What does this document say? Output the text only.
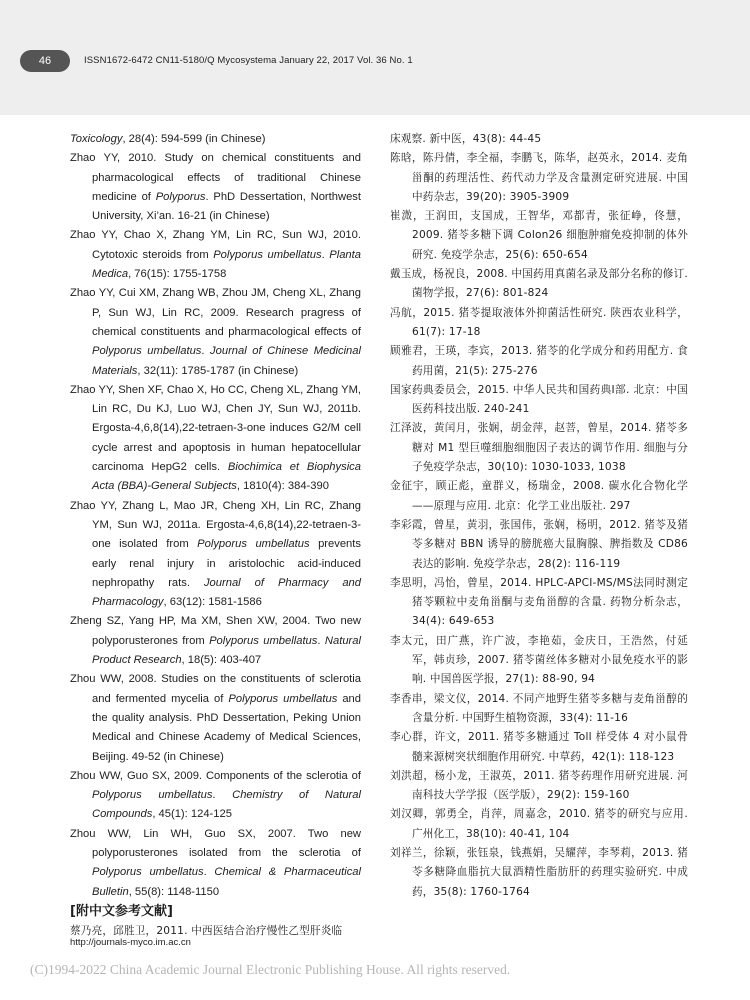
46	ISSN1672-6472 CN11-5180/Q Mycosystema January 22, 2017 Vol. 36 No. 1
Toxicology, 28(4): 594-599 (in Chinese)
Zhao YY, 2010. Study on chemical constituents and pharmacological effects of traditional Chinese medicine of Polyporus. PhD Dessertation, Northwest University, Xi’an. 16-21 (in Chinese)
Zhao YY, Chao X, Zhang YM, Lin RC, Sun WJ, 2010. Cytotoxic steroids from Polyporus umbellatus. Planta Medica, 76(15): 1755-1758
Zhao YY, Cui XM, Zhang WB, Zhou JM, Cheng XL, Zhang P, Sun WJ, Lin RC, 2009. Research pragress of chemical constituents and pharmacological effects of Polyporus umbellatus. Journal of Chinese Medicinal Materials, 32(11): 1785-1787 (in Chinese)
Zhao YY, Shen XF, Chao X, Ho CC, Cheng XL, Zhang YM, Lin RC, Du KJ, Luo WJ, Chen JY, Sun WJ, 2011b. Ergosta-4,6,8(14),22-tetraen-3-one induces G2/M cell cycle arrest and apoptosis in human hepatocellular carcinoma HepG2 cells. Biochimica et Biophysica Acta (BBA)-General Subjects, 1810(4): 384-390
Zhao YY, Zhang L, Mao JR, Cheng XH, Lin RC, Zhang YM, Sun WJ, 2011a. Ergosta-4,6,8(14),22-tetraen-3-one isolated from Polyporus umbellatus prevents early renal injury in aristolochic acid-induced nephropathy rats. Journal of Pharmacy and Pharmacology, 63(12): 1581-1586
Zheng SZ, Yang HP, Ma XM, Shen XW, 2004. Two new polyporusterones from Polyporus umbellatus. Natural Product Research, 18(5): 403-407
Zhou WW, 2008. Studies on the constituents of sclerotia and fermented mycelia of Polyporus umbellatus and the quality analysis. PhD Dessertation, Peking Union Medical and Chinese Academy of Medical Sciences, Beijing. 49-52 (in Chinese)
Zhou WW, Guo SX, 2009. Components of the sclerotia of Polyporus umbellatus. Chemistry of Natural Compounds, 45(1): 124-125
Zhou WW, Lin WH, Guo SX, 2007. Two new polyporusterones isolated from the sclerotia of Polyporus umbellatus. Chemical & Pharmaceutical Bulletin, 55(8): 1148-1150
[附中文参考文献]
蔡乃亮，邱胜卫，2011. 中西医结合治疗慢性乙型肝炎临
床观察. 新中医，43(8): 44-45
陈晗，陈丹倩，李全福，李鹏飞，陈华，赵英永，2014. 麦角甾酮的药理活性、药代动力学及含量测定研究进展. 中国中药杂志，39(20): 3905-3909
崔溦，王润田，支国成，王智华，邓都青，张征峥，佟慧，2009. 猪苓多糖下调 Colon26 细胞肿瘤免疫抑制的体外研究. 免疫学杂志，25(6): 650-654
戴玉成，杨祝良，2008. 中国药用真菌名录及部分名称的修订. 菌物学报，27(6): 801-824
冯航，2015. 猪苓提取液体外抑菌活性研究. 陕西农业科学，61(7): 17-18
顾雅君，王瑛，李宾，2013. 猪苓的化学成分和药用配方. 食药用菌，21(5): 275-276
国家药典委员会，2015. 中华人民共和国药典Ⅰ部. 北京：中国医药科技出版. 240-241
江泽波，黄闰月，张娴，胡金萍，赵菩，曾星，2014. 猪苓多糖对 M1 型巨噬细胞细胞因子表达的调节作用. 细胞与分子免疫学杂志，30(10): 1030-1033, 1038
金征宇，顾正彪，童群义，杨瑞金，2008. 碳水化合物化学——原理与应用. 北京：化学工业出版社. 297
李彩霞，曾星，黄羽，张国伟，张娴，杨明，2012. 猪苓及猪苓多糖对 BBN 诱导的膀胱癌大鼠胸腺、脾指数及 CD86 表达的影响. 免疫学杂志，28(2): 116-119
李思明，冯怡，曾星，2014. HPLC-APCI-MS/MS法同时测定猪苓颗粒中麦角甾酮与麦角甾醇的含量. 药物分析杂志，34(4): 649-653
李太元，田广燕，许广波，李艳茹，金庆日，王浩然，付延军，韩贞珍，2007. 猪苓菌丝体多糖对小鼠免疫水平的影响. 中国兽医学报，27(1): 88-90, 94
李香串，梁文仪，2014. 不同产地野生猪苓多糖与麦角甾醇的含量分析. 中国野生植物资源，33(4): 11-16
李心群，许文，2011. 猪苓多糖通过 Toll 样受体 4 对小鼠骨髓来源树突状细胞作用研究. 中草药，42(1): 118-123
刘洪超，杨小龙，王淑英，2011. 猪苓药理作用研究进展. 河南科技大学学报（医学版），29(2): 159-160
刘汉卿，郭勇全，肖萍，周嘉念，2010. 猪苓的研究与应用. 广州化工，38(10): 40-41, 104
刘祥兰，徐颖，张钰泉，钱燕娟，吴耀萍，李琴莉，2013. 猪苓多糖降血脂抗大鼠酒精性脂肪肝的药理实验研究. 中成药，35(8): 1760-1764
http://journals-myco.im.ac.cn
(C)1994-2022 China Academic Journal Electronic Publishing House. All rights reserved.
